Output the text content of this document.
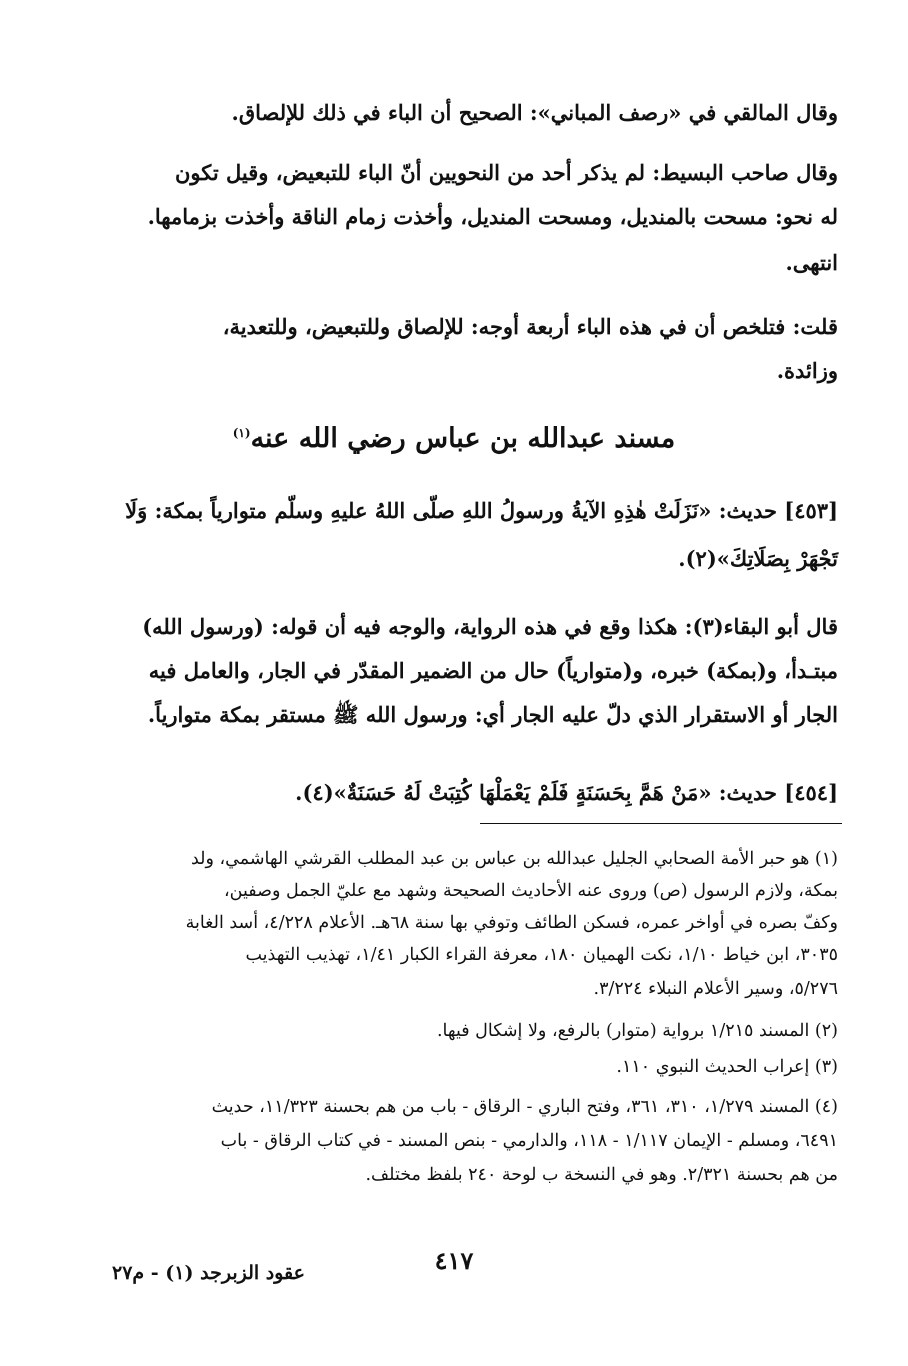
وقال المالقي في «رصف المباني»: الصحيح أن الباء في ذلك للإلصاق.
وقال صاحب البسيط: لم يذكر أحد من النحويين أنّ الباء للتبعيض، وقيل تكون
له نحو: مسحت بالمنديل، ومسحت المنديل، وأخذت زمام الناقة وأخذت بزمامها.
انتهى.
قلت: فتلخص أن في هذه الباء أربعة أوجه: للإلصاق وللتبعيض، وللتعدية،
وزائدة.
مسند عبدالله بن عباس رضي الله عنه$^{(١)}$
[٤٥٣] حديث: «نَزَلَتْ هٰذِهِ الآيةُ ورسولُ اللهِ صلّى اللهُ عليهِ وسلّم متوارياً بمكة: وَلَا
تَجْهَرْ بِصَلَاتِكَ»(٢).
قال أبو البقاء(٣): هكذا وقع في هذه الرواية، والوجه فيه أن قوله: (ورسول الله)
مبتـدأ، و(بمكة) خبره، و(متوارياً) حال من الضمير المقدّر في الجار، والعامل فيه
الجار أو الاستقرار الذي دلّ عليه الجار أي: ورسول الله ﷺ مستقر بمكة متوارياً.
[٤٥٤] حديث: «مَنْ هَمَّ بِحَسَنَةٍ فَلَمْ يَعْمَلْهَا كُتِبَتْ لَهُ حَسَنَةٌ»(٤).
(١) هو حبر الأمة الصحابي الجليل عبدالله بن عباس بن عبد المطلب القرشي الهاشمي، ولد
بمكة، ولازم الرسول (ص) وروى عنه الأحاديث الصحيحة وشهد مع عليّ الجمل وصفين،
وكفّ بصره في أواخر عمره، فسكن الطائف وتوفي بها سنة ٦٨هـ. الأعلام ٤/٢٢٨، أسد الغابة
٣٠٣٥، ابن خياط ١/١٠، نكت الهميان ١٨٠، معرفة القراء الكبار ١/٤١، تهذيب التهذيب
٥/٢٧٦، وسير الأعلام النبلاء ٣/٢٢٤.
(٢) المسند ١/٢١٥ برواية (متوار) بالرفع، ولا إشكال فيها.
(٣) إعراب الحديث النبوي ١١٠.
(٤) المسند ١/٢٧٩، ٣١٠، ٣٦١، وفتح الباري - الرقاق - باب من هم بحسنة ١١/٣٢٣، حديث
٦٤٩١، ومسلم - الإيمان ١/١١٧ - ١١٨، والدارمي - بنص المسند - في كتاب الرقاق - باب
من هم بحسنة ٢/٣٢١. وهو في النسخة ب لوحة ٢٤٠ بلفظ مختلف.
٤١٧
عقود الزبرجد (١) - م٢٧
